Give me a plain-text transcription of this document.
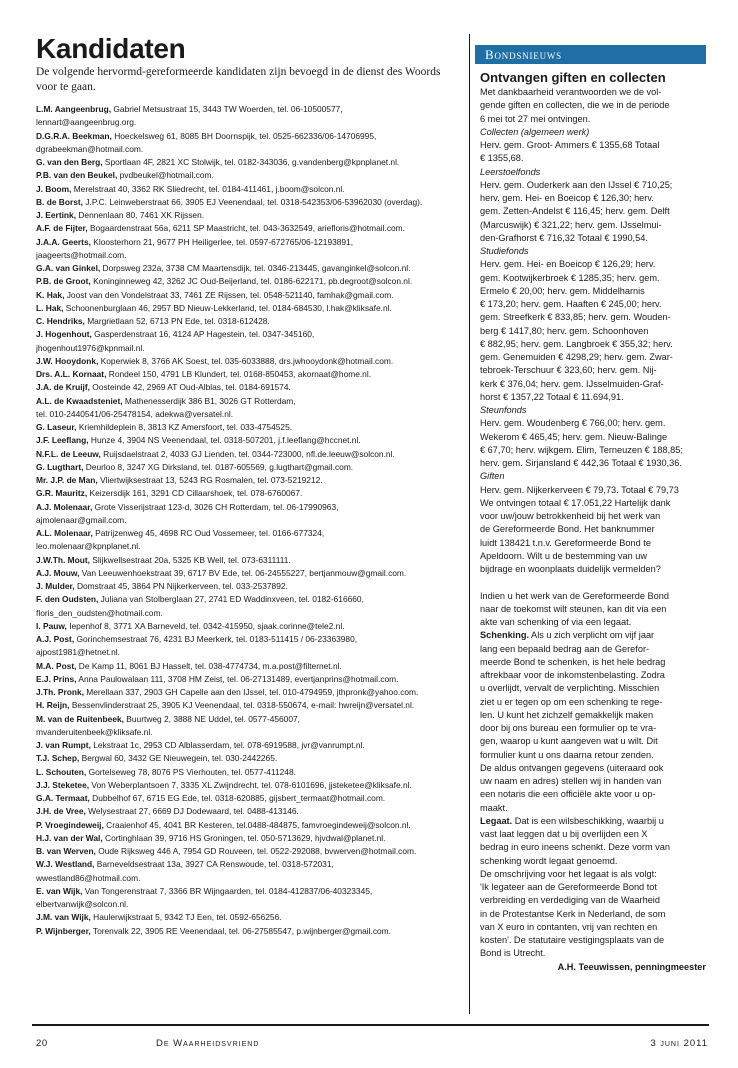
Kandidaten

De volgende hervormd-gereformeerde kandidaten zijn bevoegd in de dienst des Woords voor te gaan.

L.M. Aangeenbrug, Gabriel Metsustraat 15, 3443 TW Woerden, tel. 06-10500577,
lennart@aangeenbrug.org.
D.G.R.A. Beekman, Hoeckelsweg 61, 8085 BH Doornspijk, tel. 0525-662336/06-14706995,
dgrabeekman@hotmail.com.
G. van den Berg, Sportlaan 4F, 2821 XC Stolwijk, tel. 0182-343036, g.vandenberg@kpnplanet.nl.
P.B. van den Beukel, pvdbeukel@hotmail.com.
J. Boom, Merelstraat 40, 3362 RK Sliedrecht, tel. 0184-411461, j.boom@solcon.nl.
B. de Borst, J.P.C. Leinweberstraat 66, 3905 EJ Veenendaal, tel. 0318-542353/06-53962030 (overdag).
J. Eertink, Dennenlaan 80, 7461 XK Rijssen.
A.F. de Fijter, Bogaardenstraat 56a, 6211 SP Maastricht, tel. 043-3632549, ariefloris@hotmail.com.
J.A.A. Geerts, Kloosterhorn 21, 9677 PH Heiligerlee, tel. 0597-672765/06-12193891,
jaageerts@hotmail.com.
G.A. van Ginkel, Dorpsweg 232a, 3738 CM Maartensdijk, tel. 0346-213445, gavanginkel@solcon.nl.
P.B. de Groot, Koninginneweg 42, 3262 JC Oud-Beijerland, tel. 0186-622171, pb.degroot@solcon.nl.
K. Hak, Joost van den Vondelstraat 33, 7461 ZE Rijssen, tel. 0548-521140, famhak@gmail.com.
L. Hak, Schoonenburglaan 46, 2957 BD Nieuw-Lekkerland, tel. 0184-684530, l.hak@kliksafe.nl.
C. Hendriks, Margrietlaan 52, 6713 PN Ede, tel. 0318-612428.
J. Hogenhout, Gasperdenstraat 16, 4124 AP Hagestein, tel. 0347-345160,
jhogenhout1976@kpnmail.nl.
J.W. Hooydonk, Koperwiek 8, 3766 AK Soest, tel. 035-6033888, drs.jwhooydonk@hotmail.com.
Drs. A.L. Kornaat, Rondeel 150, 4791 LB Klundert, tel. 0168-850453, akornaat@home.nl.
J.A. de Kruijf, Oosteinde 42, 2969 AT Oud-Alblas, tel. 0184-691574.
A.L. de Kwaadsteniet, Mathenesserdijk 386 B1, 3026 GT Rotterdam,
tel. 010-2440541/06-25478154, adekwa@versatel.nl.
G. Laseur, Kriemhildeplein 8, 3813 KZ Amersfoort, tel. 033-4754525.
J.F. Leeflang, Hunze 4, 3904 NS Veenendaal, tel. 0318-507201, j.f.leeflang@hccnet.nl.
N.F.L. de Leeuw, Ruijsdaelstraat 2, 4033 GJ Lienden, tel. 0344-723000, nfl.de.leeuw@solcon.nl.
G. Lugthart, Deurloo 8, 3247 XG Dirksland, tel. 0187-605569, g.lugthart@gmail.com.
Mr. J.P. de Man, Vliertwijksestraat 13, 5243 RG Rosmalen, tel. 073-5219212.
G.R. Mauritz, Keizersdijk 161, 3291 CD Cillaarshoek, tel. 078-6760067.
A.J. Molenaar, Grote Visserijstraat 123-d, 3026 CH Rotterdam, tel. 06-17990963,
ajmolenaar@gmail.com.
A.L. Molenaar, Patrijzenweg 45, 4698 RC Oud Vossemeer, tel. 0166-677324,
leo.molenaar@kpnplanet.nl.
J.W.Th. Mout, Slijkwellsestraat 20a, 5325 KB Well, tel. 073-6311111.
A.J. Mouw, Van Leeuwenhoekstraat 39, 6717 BV Ede, tel. 06-24555227, bertjanmouw@gmail.com.
J. Mulder, Domstraat 45, 3864 PN Nijkerkerveen, tel. 033-2537892.
F. den Oudsten, Juliana van Stolberglaan 27, 2741 ED Waddinxveen, tel. 0182-616660,
floris_den_oudsten@hotmail.com.
I. Pauw, Iepenhof 8, 3771 XA Barneveld, tel. 0342-415950, sjaak.corinne@tele2.nl.
A.J. Post, Gorinchemsestraat 76, 4231 BJ Meerkerk, tel. 0183-511415 / 06-23363980,
ajpost1981@hetnet.nl.
M.A. Post, De Kamp 11, 8061 BJ Hasselt, tel. 038-4774734, m.a.post@filternet.nl.
E.J. Prins, Anna Paulowalaan 111, 3708 HM Zeist, tel. 06-27131489, evertjanprins@hotmail.com.
J.Th. Pronk, Merellaan 337, 2903 GH Capelle aan den IJssel, tel. 010-4794959, jthpronk@yahoo.com.
H. Reijn, Bessenvlinderstraat 25, 3905 KJ Veenendaal, tel. 0318-550674, e-mail: hwreijn@versatel.nl.
M. van de Ruitenbeek, Buurtweg 2, 3888 NE Uddel, tel. 0577-456007,
mvanderuitenbeek@kliksafe.nl.
J. van Rumpt, Lekstraat 1c, 2953 CD Alblasserdam, tel. 078-6919588, jvr@vanrumpt.nl.
T.J. Schep, Bergwal 60, 3432 GE Nieuwegein, tel. 030-2442265.
L. Schouten, Gortelseweg 78, 8076 PS Vierhouten, tel. 0577-411248.
J.J. Steketee, Von Weberplantsoen 7, 3335 XL Zwijndrecht, tel. 078-6101696, jjsteketee@kliksafe.nl.
G.A. Termaat, Dubbelhof 67, 6715 EG Ede, tel. 0318-620885, gijsbert_termaat@hotmail.com.
J.H. de Vree, Welysestraat 27, 6669 DJ Dodewaard, tel. 0488-413146.
P. Vroegindeweij, Craaienhof 45, 4041 BR Kesteren, tel.0488-484875, famvroegindeweij@solcon.nl.
H.J. van der Wal, Cortinghlaan 39, 9716 HS Groningen, tel. 050-5713629, hjvdwal@planet.nl.
B. van Werven, Oude Rijksweg 446 A, 7954 GD Rouveen, tel. 0522-292088, bvwerven@hotmail.com.
W.J. Westland, Barneveldsestraat 13a, 3927 CA Renswoude, tel. 0318-572031,
wwestland86@hotmail.com.
E. van Wijk, Van Tongerenstraat 7, 3366 BR Wijngaarden, tel. 0184-412837/06-40323345,
elbertvanwijk@solcon.nl.
J.M. van Wijk, Haulerwijkstraat 5, 9342 TJ Een, tel. 0592-656256.
P. Wijnberger, Torenvalk 22, 3905 RE Veenendaal, tel. 06-27585547, p.wijnberger@gmail.com.
Bondsnieuws
Ontvangen giften en collecten
Met dankbaarheid verantwoorden we de vol-
gende giften en collecten, die we in de periode
6 mei tot 27 mei ontvingen.
Collecten (algemeen werk)
Herv. gem. Groot- Ammers € 1355,68 Totaal
€ 1355,68.
Leerstoelfonds
Herv. gem. Ouderkerk aan den IJssel € 710,25;
herv. gem. Hei- en Boeicop € 126,30; herv.
gem. Zetten-Andelst € 116,45; herv. gem. Delft
(Marcuswijk) € 321,22; herv. gem. IJsselmui-
den-Grafhorst € 716,32 Totaal € 1990,54.
Studiefonds
Herv. gem. Hei- en Boeicop € 126,29; herv.
gem. Kootwijkerbroek € 1285,35; herv. gem.
Ermelo € 20,00; herv. gem. Middelharnis
€ 173,20; herv. gem. Haaften € 245,00; herv.
gem. Streefkerk € 833,85; herv. gem. Wouden-
berg € 1417,80; herv. gem. Schoonhoven
€ 882,95; herv. gem. Langbroek € 355,32; herv.
gem. Genemuiden € 4298,29; herv. gem. Zwar-
tebroek-Terschuur € 323,60; herv. gem. Nij-
kerk € 376,04; herv. gem. IJsselmuiden-Graf-
horst € 1357,22 Totaal € 11.694,91.
Steunfonds
Herv. gem. Woudenberg € 766,00; herv. gem.
Wekerom € 465,45; herv. gem. Nieuw-Balinge
€ 67,70; herv. wijkgem. Elim, Terneuzen € 188,85;
herv. gem. Sirjansland € 442,36 Totaal € 1930,36.
Giften
Herv. gem. Nijkerkerveen € 79,73. Totaal € 79,73
We ontvingen totaal € 17.051,22 Hartelijk dank
voor uw/jouw betrokkenheid bij het werk van
de Gereformeerde Bond. Het banknummer
luidt 138421 t.n.v. Gereformeerde Bond te
Apeldoorn. Wilt u de bestemming van uw
bijdrage en woonplaats duidelijk vermelden?
Indien u het werk van de Gereformeerde Bond
naar de toekomst wilt steunen, kan dit via een
akte van schenking of via een legaat.
Schenking. Als u zich verplicht om vijf jaar
lang een bepaald bedrag aan de Gerefor-
meerde Bond te schenken, is het hele bedrag
aftrekbaar voor de inkomstenbelasting. Zodra
u overlijdt, vervalt de verplichting. Misschien
ziet u er tegen op om een schenking te rege-
len. U kunt het zichzelf gemakkelijk maken
door bij ons bureau een formulier op te vra-
gen, waarop u kunt aangeven wat u wilt. Dit
formulier kunt u ons daarna retour zenden.
De aldus ontvangen gegevens (uiteraard ook
uw naam en adres) stellen wij in handen van
een notaris die een officiële akte voor u op-
maakt.
Legaat. Dat is een wilsbeschikking, waarbij u
vast laat leggen dat u bij overlijden een X
bedrag in euro ineens schenkt. Deze vorm van
schenking wordt legaat genoemd.
De omschrijving voor het legaat is als volgt:
'Ik legateer aan de Gereformeerde Bond tot
verbreiding en verdediging van de Waarheid
in de Protestantse Kerk in Nederland, de som
van X euro in contanten, vrij van rechten en
kosten'. De statutaire vestigingsplaats van de
Bond is Utrecht.
A.H. Teeuwissen, penningmeester
20	De Waarheidsvriend	3 juni 2011
